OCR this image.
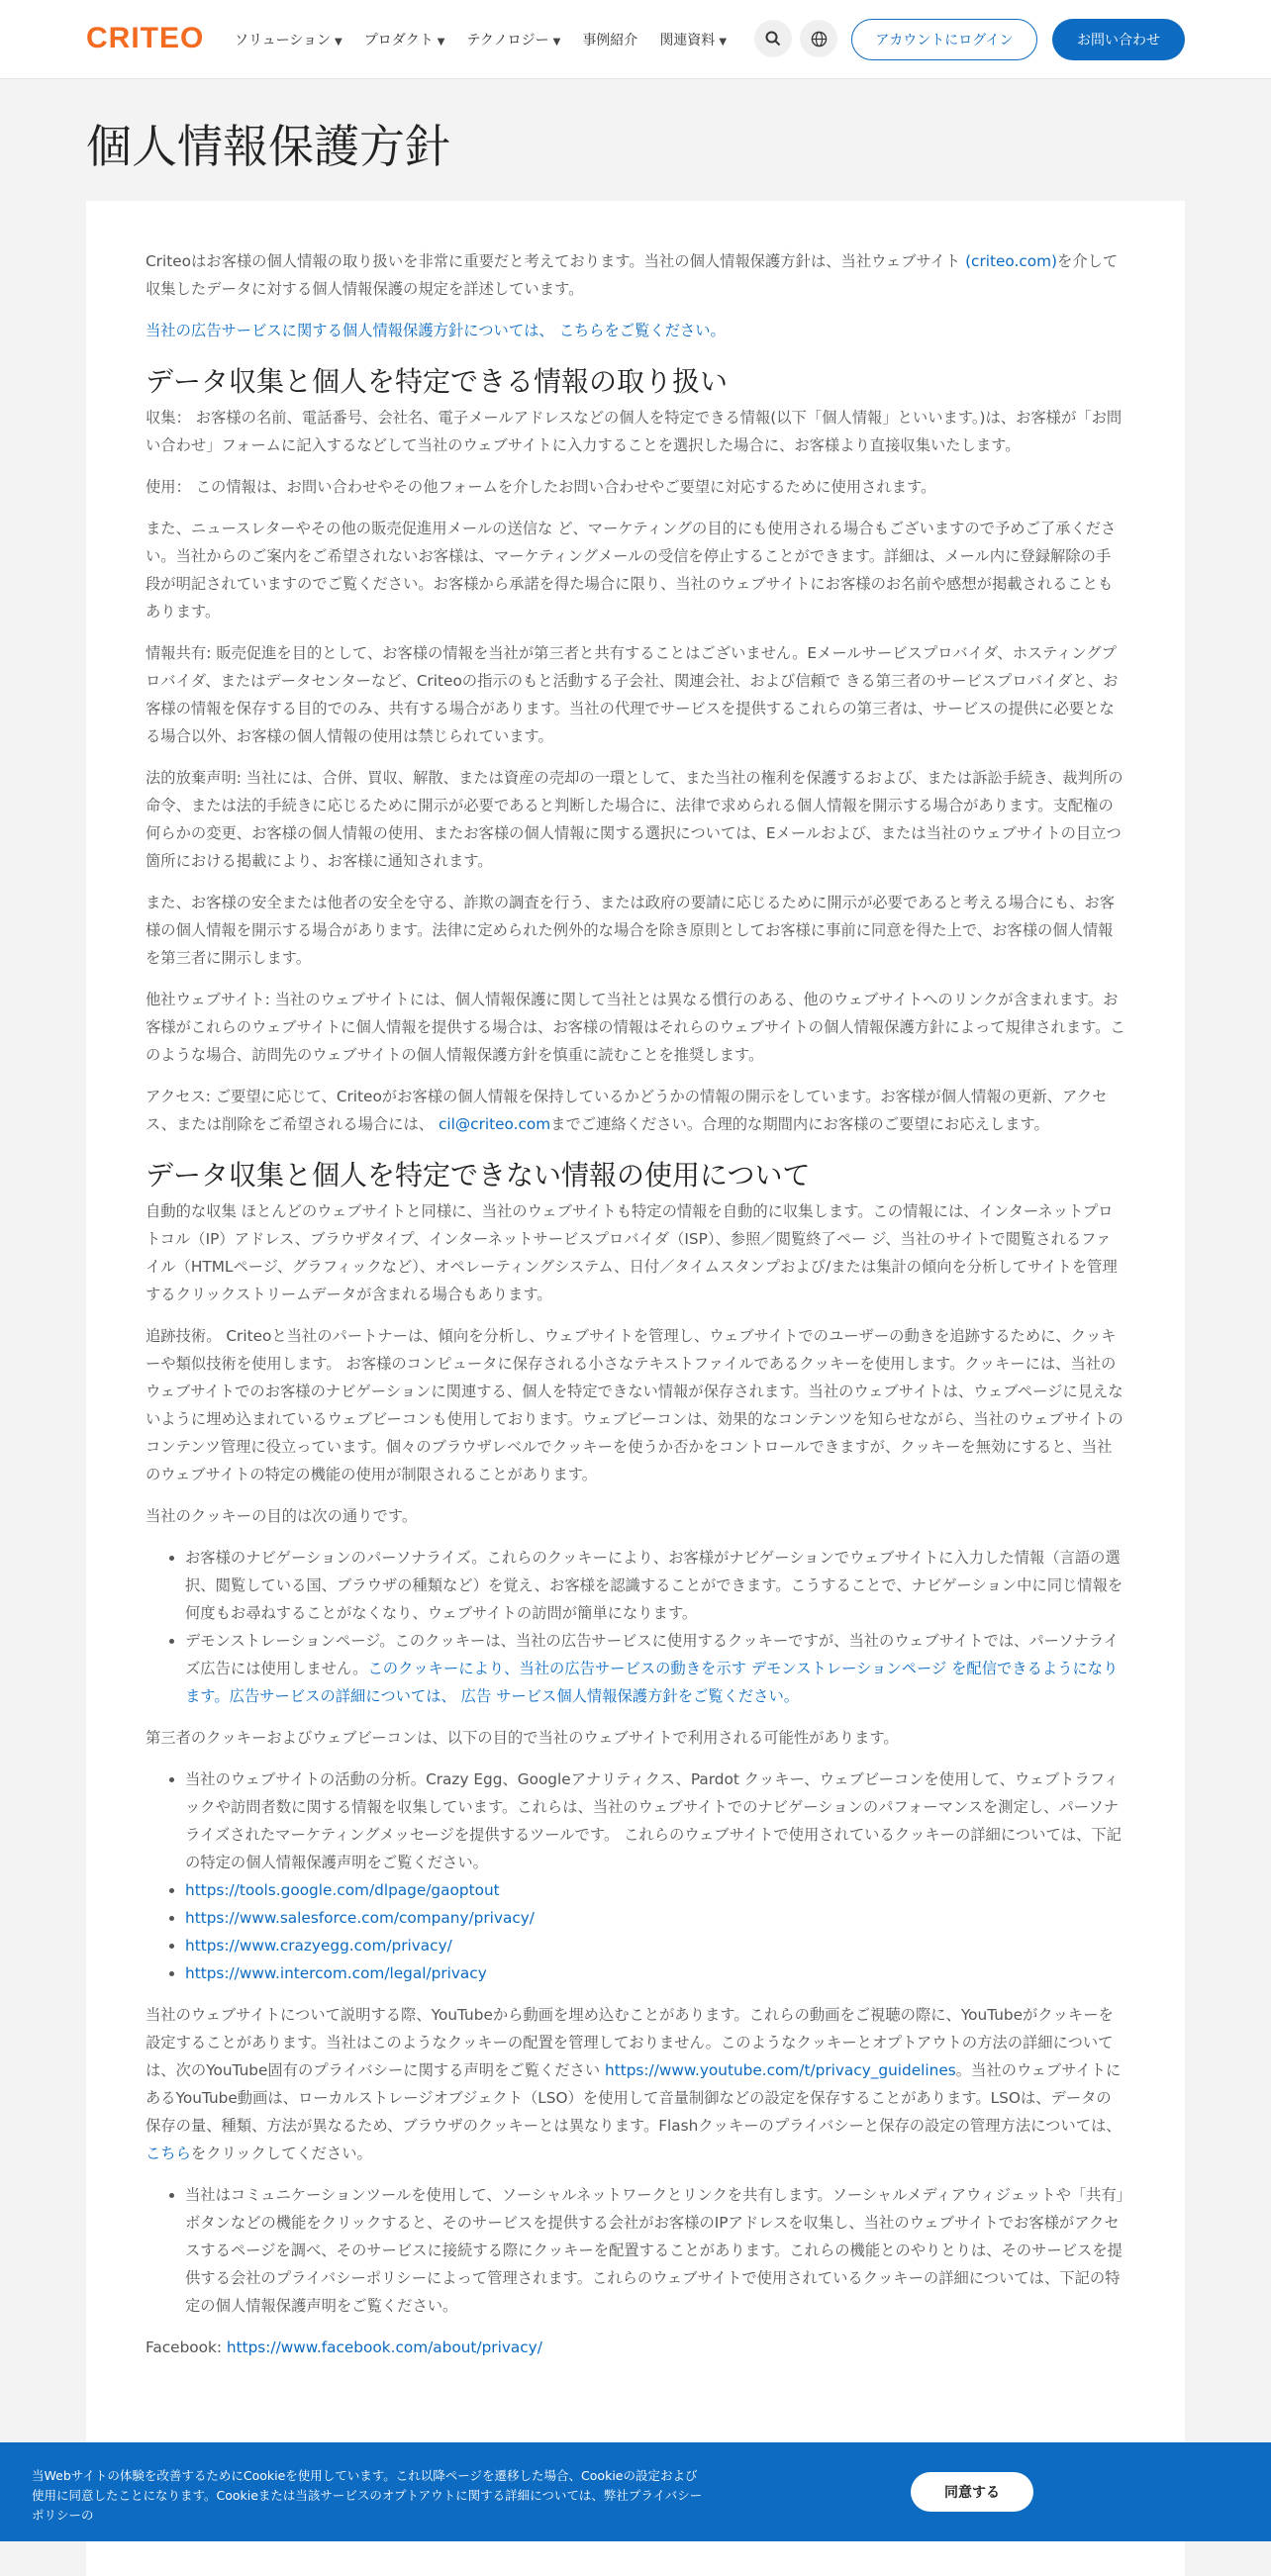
CRITEO ソリューション ▼ プロダクト ▼ テクノロジー ▼ 事例紹介 関連資料 ▼	アカウントにログイン	お問い合わせ
個人情報保護方針

Criteoはお客様の個人情報の取り扱いを非常に重要だと考えております。当社の個人情報保護方針は、当社ウェブサイト (criteo.com)を介して収集したデータに対する個人情報保護の規定を詳述しています。

当社の広告サービスに関する個人情報保護方針については、 こちらをご覧ください。

データ収集と個人を特定できる情報の取り扱い

収集： お客様の名前、電話番号、会社名、電子メールアドレスなどの個人を特定できる情報(以下「個人情報」といいます。)は、お客様が「お問い合わせ」フォームに記入するなどして当社のウェブサイトに入力することを選択した場合に、お客様より直接収集いたします。

使用： この情報は、お問い合わせやその他フォームを介したお問い合わせやご要望に対応するために使用されます。

また、ニュースレターやその他の販売促進用メールの送信な ど、マーケティングの目的にも使用される場合もございますので予めご了承ください。当社からのご案内をご希望されないお客様は、マーケティングメールの受信を停止することができます。詳細は、メール内に登録解除の手段が明記されていますのでご覧ください。お客様から承諾を得た場合に限り、当社のウェブサイトにお客様のお名前や感想が掲載されることもあります。

情報共有: 販売促進を目的として、お客様の情報を当社が第三者と共有することはございません。Eメールサービスプロバイダ、ホスティングプロバイダ、またはデータセンターなど、Criteoの指示のもと活動する子会社、関連会社、および信頼で きる第三者のサービスプロバイダと、お客様の情報を保存する目的でのみ、共有する場合があります。当社の代理でサービスを提供するこれらの第三者は、サービスの提供に必要となる場合以外、お客様の個人情報の使用は禁じられています。

法的放棄声明: 当社には、合併、買収、解散、または資産の売却の一環として、また当社の権利を保護するおよび、または訴訟手続き、裁判所の命令、または法的手続きに応じるために開示が必要であると判断した場合に、法律で求められる個人情報を開示する場合があります。支配権の何らかの変更、お客様の個人情報の使用、またお客様の個人情報に関する選択については、Eメールおよび、または当社のウェブサイトの目立つ箇所における掲載により、お客様に通知されます。

また、お客様の安全または他者の安全を守る、詐欺の調査を行う、または政府の要請に応じるために開示が必要であると考える場合にも、お客様の個人情報を開示する場合があります。法律に定められた例外的な場合を除き原則としてお客様に事前に同意を得た上で、お客様の個人情報を第三者に開示します。

他社ウェブサイト: 当社のウェブサイトには、個人情報保護に関して当社とは異なる慣行のある、他のウェブサイトへのリンクが含まれます。お客様がこれらのウェブサイトに個人情報を提供する場合は、お客様の情報はそれらのウェブサイトの個人情報保護方針によって規律されます。このような場合、訪問先のウェブサイトの個人情報保護方針を慎重に読むことを推奨します。

アクセス: ご要望に応じて、Criteoがお客様の個人情報を保持しているかどうかの情報の開示をしています。お客様が個人情報の更新、アクセス、または削除をご希望される場合には、 cil@criteo.comまでご連絡ください。合理的な期間内にお客様のご要望にお応えします。

データ収集と個人を特定できない情報の使用について

自動的な収集 ほとんどのウェブサイトと同様に、当社のウェブサイトも特定の情報を自動的に収集します。この情報には、インターネットプロトコル（IP）アドレス、ブラウザタイプ、インターネットサービスプロバイダ（ISP）、参照／閲覧終了ペー ジ、当社のサイトで閲覧されるファイル（HTMLページ、グラフィックなど）、オペレーティングシステム、日付／タイムスタンプおよび/または集計の傾向を分析してサイトを管理するクリックストリームデータが含まれる場合もあります。

追跡技術。 Criteoと当社のパートナーは、傾向を分析し、ウェブサイトを管理し、ウェブサイトでのユーザーの動きを追跡するために、クッキーや類似技術を使用します。 お客様のコンピュータに保存される小さなテキストファイルであるクッキーを使用します。クッキーには、当社のウェブサイトでのお客様のナビゲーションに関連する、個人を特定できない情報が保存されます。当社のウェブサイトは、ウェブページに見えないように埋め込まれているウェブビーコンも使用しております。ウェブビーコンは、効果的なコンテンツを知らせながら、当社のウェブサイトのコンテンツ管理に役立っています。個々のブラウザレベルでクッキーを使うか否かをコントロールできますが、クッキーを無効にすると、当社のウェブサイトの特定の機能の使用が制限されることがあります。

当社のクッキーの目的は次の通りです。

• お客様のナビゲーションのパーソナライズ。これらのクッキーにより、お客様がナビゲーションでウェブサイトに入力した情報（言語の選択、閲覧している国、ブラウザの種類など）を覚え、お客様を認識することができます。こうすることで、ナビゲーション中に同じ情報を何度もお尋ねすることがなくなり、ウェブサイトの訪問が簡単になります。
• デモンストレーションページ。このクッキーは、当社の広告サービスに使用するクッキーですが、当社のウェブサイトでは、パーソナライズ広告には使用しません。このクッキーにより、当社の広告サービスの動きを示す デモンストレーションページ を配信できるようになります。広告サービスの詳細については、 広告 サービス個人情報保護方針をご覧ください。

第三者のクッキーおよびウェブビーコンは、以下の目的で当社のウェブサイトで利用される可能性があります。

• 当社のウェブサイトの活動の分析。Crazy Egg、Googleアナリティクス、Pardot クッキー、ウェブビーコンを使用して、ウェブトラフィックや訪問者数に関する情報を収集しています。これらは、当社のウェブサイトでのナビゲーションのパフォーマンスを測定し、パーソナライズされたマーケティングメッセージを提供するツールです。 これらのウェブサイトで使用されているクッキーの詳細については、下記の特定の個人情報保護声明をご覧ください。
• https://tools.google.com/dlpage/gaoptout
• https://www.salesforce.com/company/privacy/
• https://www.crazyegg.com/privacy/
• https://www.intercom.com/legal/privacy

当社のウェブサイトについて説明する際、YouTubeから動画を埋め込むことがあります。これらの動画をご視聴の際に、YouTubeがクッキーを設定することがあります。当社はこのようなクッキーの配置を管理しておりません。このようなクッキーとオプトアウトの方法の詳細については、次のYouTube固有のプライバシーに関する声明をご覧ください https://www.youtube.com/t/privacy_guidelines。当社のウェブサイトにあるYouTube動画は、ローカルストレージオブジェクト（LSO）を使用して音量制御などの設定を保存することがあります。LSOは、データの保存の量、種類、方法が異なるため、ブラウザのクッキーとは異なります。Flashクッキーのプライバシーと保存の設定の管理方法については、 こちらをクリックしてください。

• 当社はコミュニケーションツールを使用して、ソーシャルネットワークとリンクを共有します。ソーシャルメディアウィジェットや「共有」ボタンなどの機能をクリックすると、そのサービスを提供する会社がお客様のIPアドレスを収集し、当社のウェブサイトでお客様がアクセスするページを調べ、そのサービスに接続する際にクッキーを配置することがあります。これらの機能とのやりとりは、そのサービスを提供する会社のプライバシーポリシーによって管理されます。これらのウェブサイトで使用されているクッキーの詳細については、下記の特定の個人情報保護声明をご覧ください。

Facebook: https://www.facebook.com/about/privacy/

当Webサイトの体験を改善するためにCookieを使用しています。これ以降ページを遷移した場合、Cookieの設定および使用に同意したことになります。Cookieまたは当該サービスのオプトアウトに関する詳細については、弊社プライバシーポリシーの
同意する
